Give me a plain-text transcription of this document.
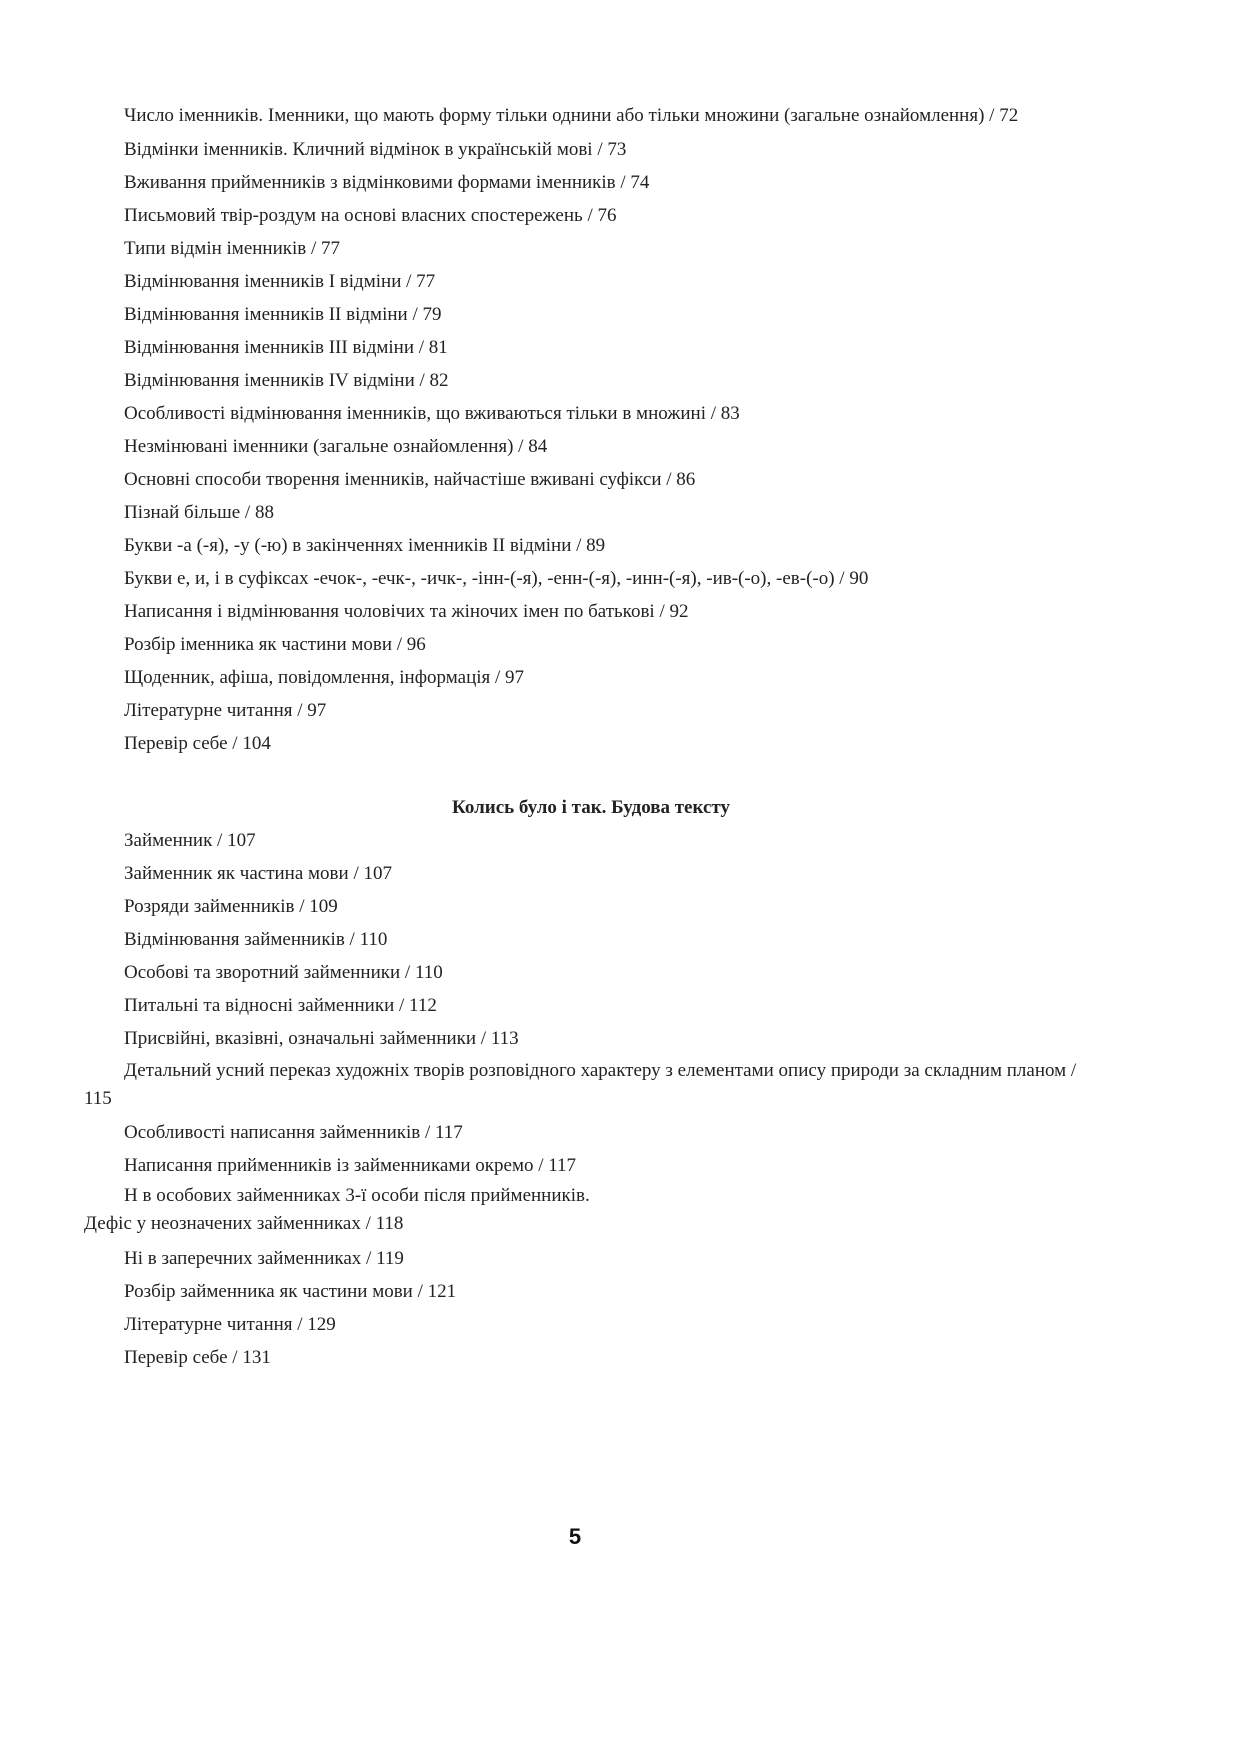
Число іменників. Іменники, що мають форму тільки однини або тільки множини (загальне ознайомлення) / 72

Відмінки іменників. Кличний відмінок в українській мові / 73

Вживання прийменників з відмінковими формами іменників / 74

Письмовий твір-роздум на основі власних спостережень / 76

Типи відмін іменників / 77

Відмінювання іменників I відміни / 77

Відмінювання іменників II відміни / 79

Відмінювання іменників III відміни / 81

Відмінювання іменників IV відміни / 82

Особливості відмінювання іменників, що вживаються тільки в множині / 83

Незмінювані іменники (загальне ознайомлення) / 84

Основні способи творення іменників, найчастіше вживані суфікси / 86

Пізнай більше / 88

Букви -а (-я), -у (-ю) в закінченнях іменників II відміни / 89

Букви е, и, і в суфіксах -ечок-, -ечк-, -ичк-, -інн-(-я), -енн-(-я), -инн-(-я), -ив-(-о), -ев-(-о) / 90

Написання і відмінювання чоловічих та жіночих імен по батькові / 92

Розбір іменника як частини мови / 96

Щоденник, афіша, повідомлення, інформація / 97

Літературне читання / 97

Перевір себе / 104

Колись було і так. Будова тексту

Займенник / 107

Займенник як частина мови / 107

Розряди займенників / 109

Відмінювання займенників / 110

Особові та зворотний займенники / 110

Питальні та відносні займенники / 112

Присвійні, вказівні, означальні займенники / 113

Детальний усний переказ художніх творів розповідного характеру з елементами опису природи за складним планом / 115

Особливості написання займенників / 117

Написання прийменників із займенниками окремо / 117

Н в особових займенниках 3-ї особи після прийменників.

Дефіс у неозначених займенниках / 118

Ні в заперечних займенниках / 119

Розбір займенника як частини мови / 121

Літературне читання / 129

Перевір себе / 131

5
